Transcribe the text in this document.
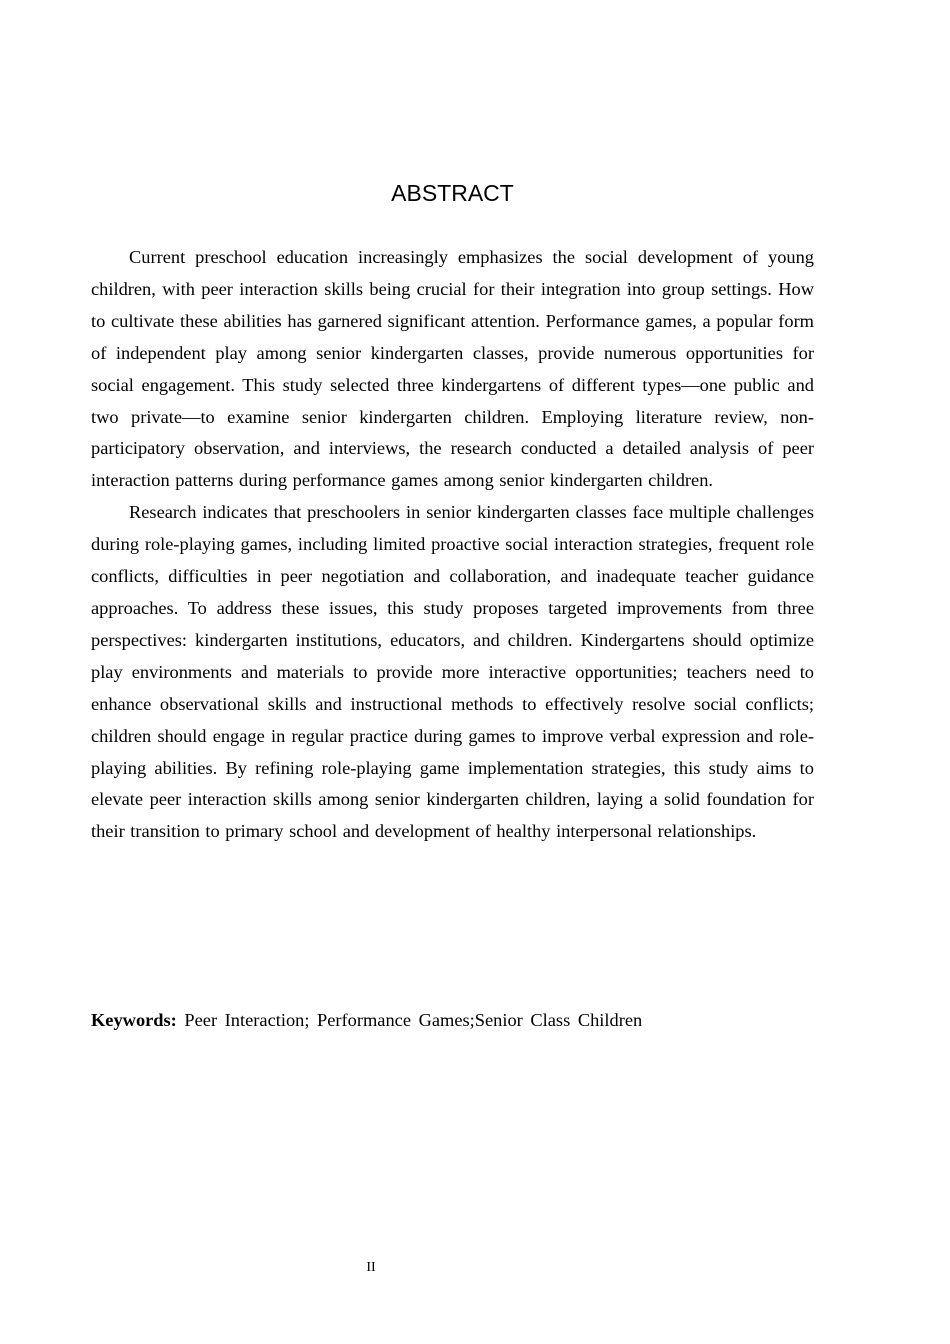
ABSTRACT

Current preschool education increasingly emphasizes the social development of young children, with peer interaction skills being crucial for their integration into group settings. How to cultivate these abilities has garnered significant attention. Performance games, a popular form of independent play among senior kindergarten classes, provide numerous opportunities for social engagement. This study selected three kindergartens of different types—one public and two private—to examine senior kindergarten children. Employing literature review, non-participatory observation, and interviews, the research conducted a detailed analysis of peer interaction patterns during performance games among senior kindergarten children.

Research indicates that preschoolers in senior kindergarten classes face multiple challenges during role-playing games, including limited proactive social interaction strategies, frequent role conflicts, difficulties in peer negotiation and collaboration, and inadequate teacher guidance approaches. To address these issues, this study proposes targeted improvements from three perspectives: kindergarten institutions, educators, and children. Kindergartens should optimize play environments and materials to provide more interactive opportunities; teachers need to enhance observational skills and instructional methods to effectively resolve social conflicts; children should engage in regular practice during games to improve verbal expression and role-playing abilities. By refining role-playing game implementation strategies, this study aims to elevate peer interaction skills among senior kindergarten children, laying a solid foundation for their transition to primary school and development of healthy interpersonal relationships.

Keywords: Peer Interaction; Performance Games;Senior Class Children

II
